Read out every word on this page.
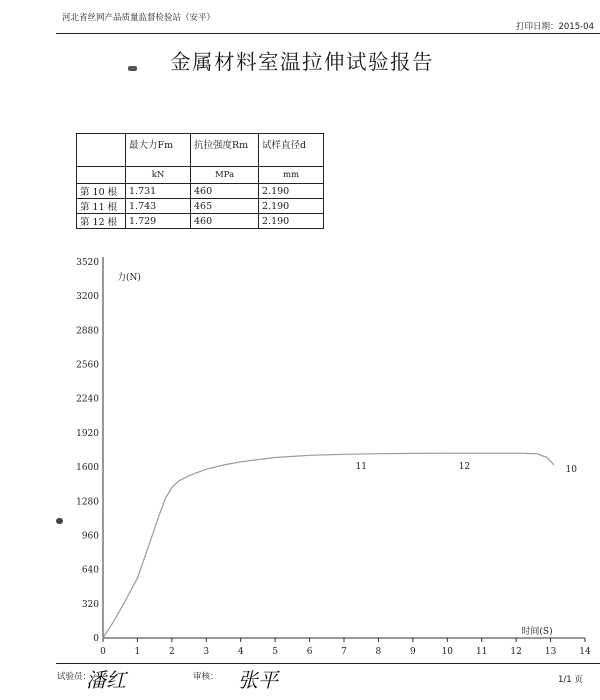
河北省丝网产品质量监督检验站（安平）
打印日期：2015-04
金属材料室温拉伸试验报告
	最大力Fm	抗拉强度Rm	试样直径d
	kN	MPa	mm
第 10 根	1.731	460	2.190
第 11 根	1.743	465	2.190
第 12 根	1.729	460	2.190
0
320
640
960
1280
1600
1920
2240
2560
2880
3200
3520
0	1	2	3	4	5	6	7	8	9	10	11	12	13	14
力(N)
时间(S)
11	12	10
试验员：
潘红	审核： 张平	1/1 页
